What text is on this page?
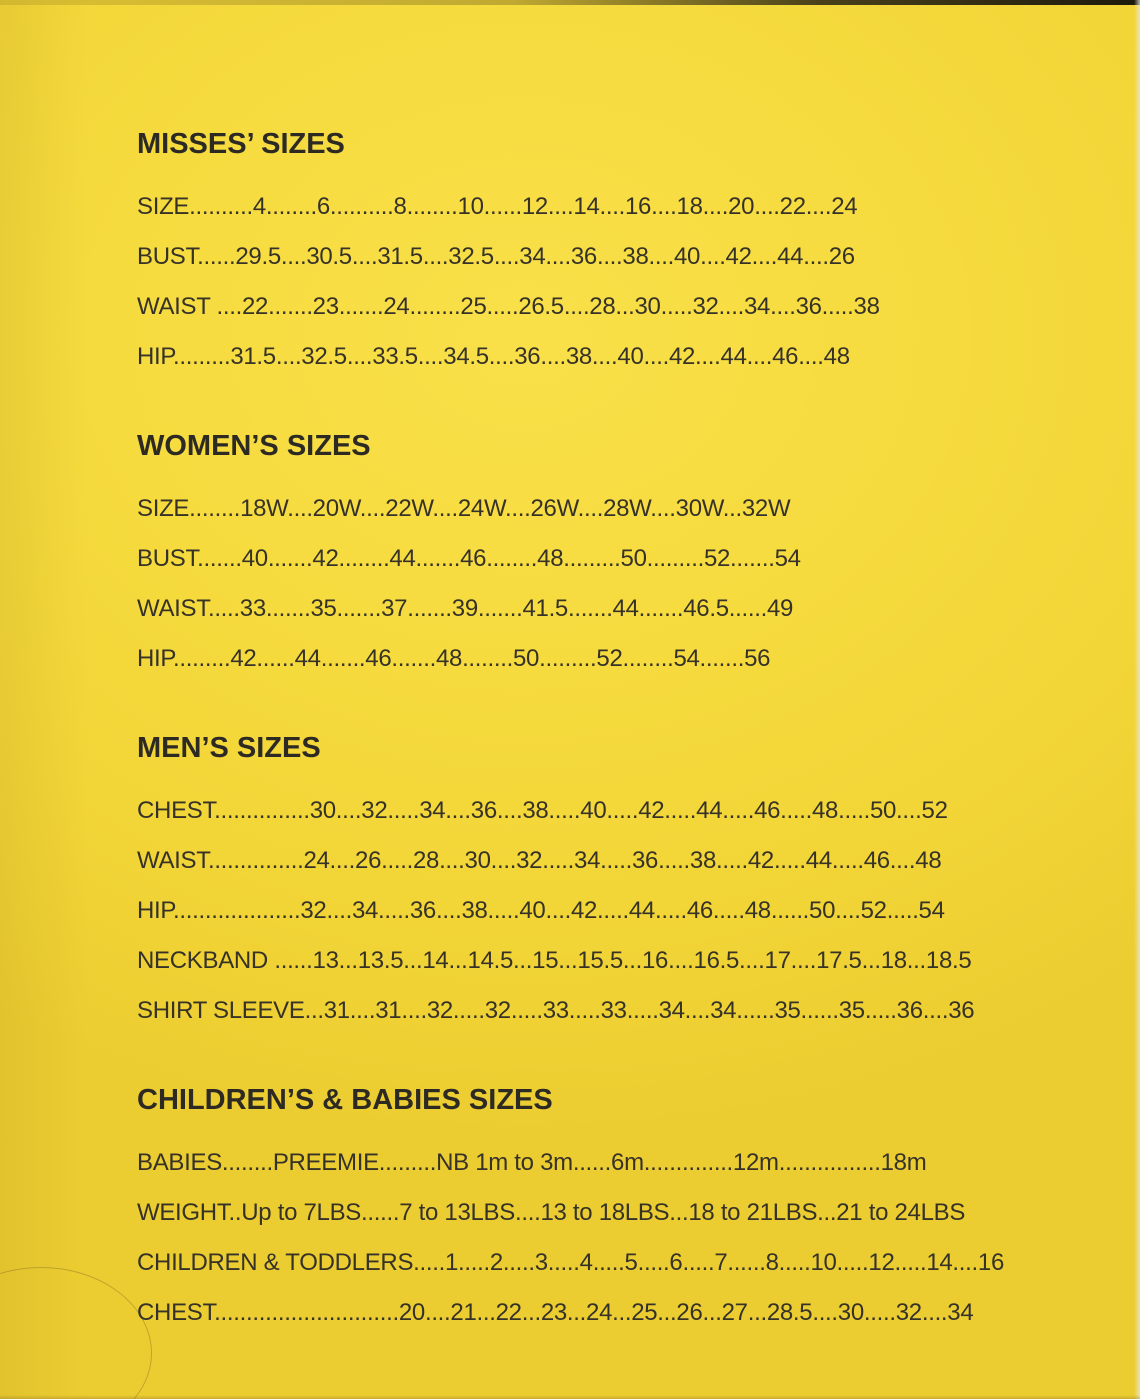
MISSES’ SIZES
SIZE..........4........6..........8........10......12....14....16....18....20....22....24
BUST......29.5....30.5....31.5....32.5....34....36....38....40....42....44....26
WAIST ....22.......23.......24........25.....26.5....28...30.....32....34....36.....38
HIP.........31.5....32.5....33.5....34.5....36....38....40....42....44....46....48
WOMEN’S SIZES
SIZE........18W....20W....22W....24W....26W....28W....30W...32W
BUST.......40.......42........44.......46........48.........50.........52.......54
WAIST.....33.......35.......37.......39.......41.5.......44.......46.5......49
HIP.........42......44.......46.......48........50.........52........54.......56
MEN’S SIZES
CHEST...............30....32.....34....36....38.....40.....42.....44.....46.....48.....50....52
WAIST...............24....26.....28....30....32.....34.....36.....38.....42.....44.....46....48
HIP....................32....34.....36....38.....40....42.....44.....46.....48......50....52.....54
NECKBAND ......13...13.5...14...14.5...15...15.5...16....16.5....17....17.5...18...18.5
SHIRT SLEEVE...31....31....32.....32.....33.....33.....34....34......35......35.....36....36
CHILDREN’S & BABIES SIZES
BABIES........PREEMIE.........NB 1m to 3m......6m..............12m................18m
WEIGHT..Up to 7LBS......7 to 13LBS....13 to 18LBS...18 to 21LBS...21 to 24LBS
CHILDREN & TODDLERS.....1.....2.....3.....4.....5.....6.....7......8.....10.....12.....14....16
CHEST.............................20....21...22...23...24...25...26...27...28.5....30.....32....34
